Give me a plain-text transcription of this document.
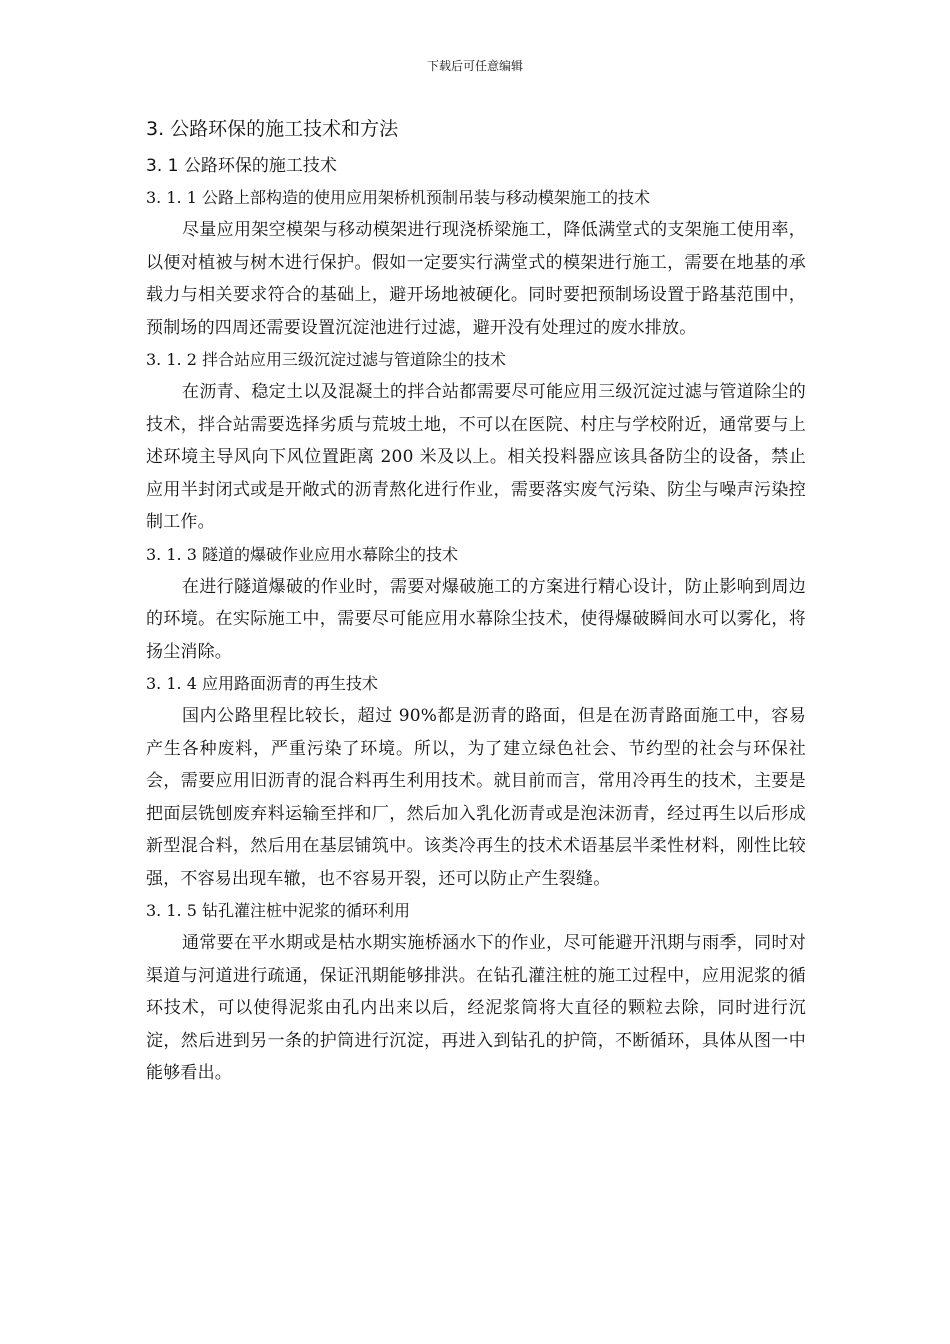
下载后可任意编辑
3. 公路环保的施工技术和方法
3. 1 公路环保的施工技术
3. 1. 1 公路上部构造的使用应用架桥机预制吊装与移动模架施工的技术

尽量应用架空模架与移动模架进行现浇桥梁施工，降低满堂式的支架施工使用率，以便对植被与树木进行保护。假如一定要实行满堂式的模架进行施工，需要在地基的承载力与相关要求符合的基础上，避开场地被硬化。同时要把预制场设置于路基范围中，预制场的四周还需要设置沉淀池进行过滤，避开没有处理过的废水排放。

3. 1. 2 拌合站应用三级沉淀过滤与管道除尘的技术

在沥青、稳定土以及混凝土的拌合站都需要尽可能应用三级沉淀过滤与管道除尘的技术，拌合站需要选择劣质与荒坡土地，不可以在医院、村庄与学校附近，通常要与上述环境主导风向下风位置距离 200 米及以上。相关投料器应该具备防尘的设备，禁止应用半封闭式或是开敞式的沥青熬化进行作业，需要落实废气污染、防尘与噪声污染控制工作。

3. 1. 3 隧道的爆破作业应用水幕除尘的技术

在进行隧道爆破的作业时，需要对爆破施工的方案进行精心设计，防止影响到周边的环境。在实际施工中，需要尽可能应用水幕除尘技术，使得爆破瞬间水可以雾化，将扬尘消除。

3. 1. 4 应用路面沥青的再生技术

国内公路里程比较长，超过 90%都是沥青的路面，但是在沥青路面施工中，容易产生各种废料，严重污染了环境。所以，为了建立绿色社会、节约型的社会与环保社会，需要应用旧沥青的混合料再生利用技术。就目前而言，常用冷再生的技术，主要是把面层铣刨废弃料运输至拌和厂，然后加入乳化沥青或是泡沫沥青，经过再生以后形成新型混合料，然后用在基层铺筑中。该类冷再生的技术术语基层半柔性材料，刚性比较强，不容易出现车辙，也不容易开裂，还可以防止产生裂缝。

3. 1. 5 钻孔灌注桩中泥浆的循环利用

通常要在平水期或是枯水期实施桥涵水下的作业，尽可能避开汛期与雨季，同时对渠道与河道进行疏通，保证汛期能够排洪。在钻孔灌注桩的施工过程中，应用泥浆的循环技术，可以使得泥浆由孔内出来以后，经泥浆筒将大直径的颗粒去除，同时进行沉淀，然后进到另一条的护筒进行沉淀，再进入到钻孔的护筒，不断循环，具体从图一中能够看出。
